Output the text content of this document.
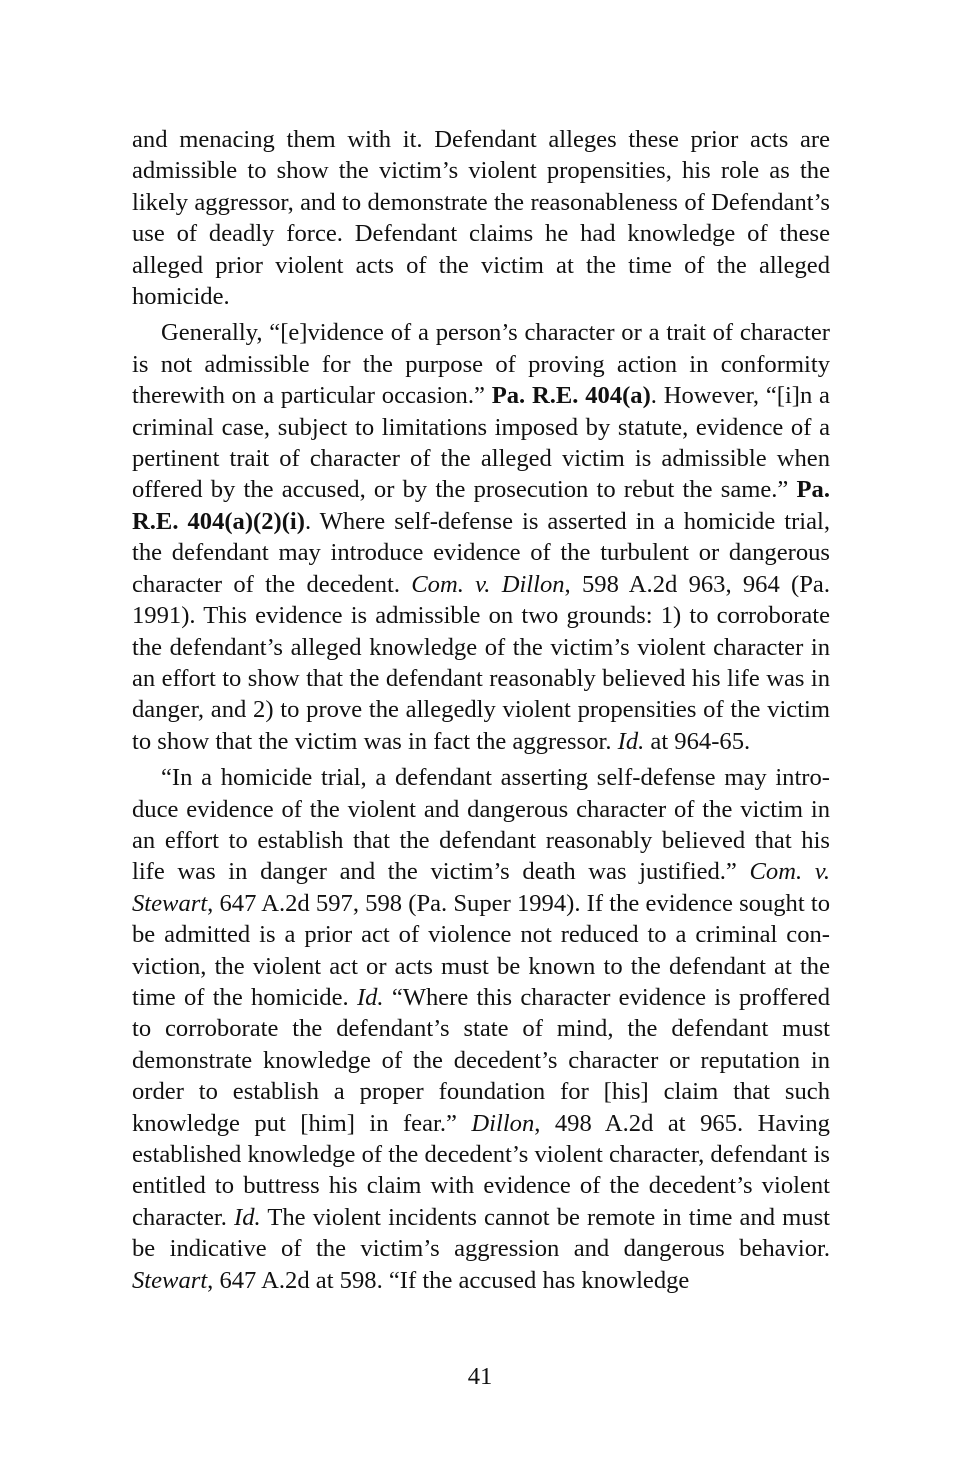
and menacing them with it. Defendant alleges these prior acts are admissible to show the victim’s violent propensities, his role as the likely aggressor, and to demonstrate the reasonableness of Defendant’s use of deadly force. Defendant claims he had knowledge of these alleged prior violent acts of the victim at the time of the alleged homicide.

Generally, “[e]vidence of a person’s character or a trait of character is not admissible for the purpose of proving action in conformity therewith on a particular occasion.” Pa. R.E. 404(a). However, “[i]n a criminal case, subject to limitations imposed by statute, evidence of a pertinent trait of character of the alleged victim is admissible when offered by the accused, or by the prosecution to rebut the same.” Pa. R.E. 404(a)(2)(i). Where self-defense is asserted in a homicide trial, the defendant may introduce evidence of the turbulent or dangerous character of the decedent. Com. v. Dillon, 598 A.2d 963, 964 (Pa. 1991). This evidence is admissible on two grounds: 1) to corroborate the defendant’s alleged knowledge of the victim’s violent character in an effort to show that the defendant reasonably believed his life was in danger, and 2) to prove the allegedly violent propensities of the victim to show that the victim was in fact the aggressor. Id. at 964-65.

“In a homicide trial, a defendant asserting self-defense may introduce evidence of the violent and dangerous character of the victim in an effort to establish that the defendant reasonably believed that his life was in danger and the victim’s death was justified.” Com. v. Stewart, 647 A.2d 597, 598 (Pa. Super 1994). If the evidence sought to be admitted is a prior act of violence not reduced to a criminal conviction, the violent act or acts must be known to the defendant at the time of the homicide. Id. “Where this character evidence is proffered to corroborate the defendant’s state of mind, the defendant must demonstrate knowledge of the decedent’s character or reputation in order to establish a proper foundation for [his] claim that such knowledge put [him] in fear.” Dillon, 498 A.2d at 965. Having established knowledge of the decedent’s violent character, defendant is entitled to buttress his claim with evidence of the decedent’s violent character. Id. The violent incidents cannot be remote in time and must be indicative of the victim’s aggression and dangerous behavior. Stewart, 647 A.2d at 598. “If the accused has knowledge

41
